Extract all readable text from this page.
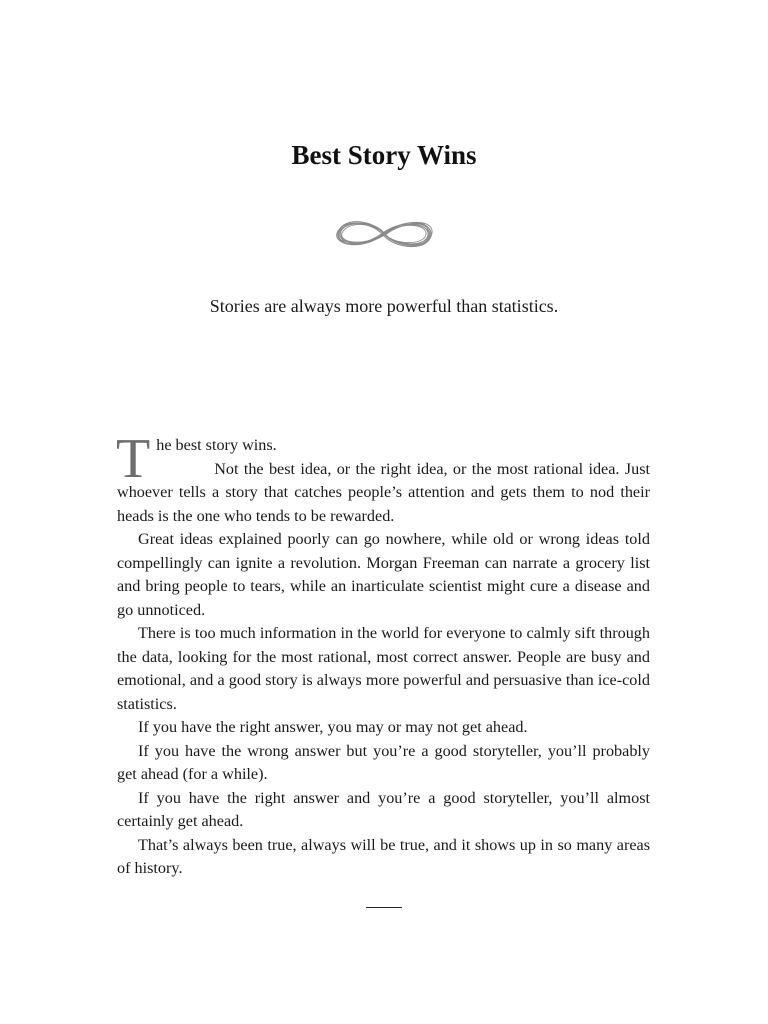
Best Story Wins

Stories are always more powerful than statistics.

The best story wins.

Not the best idea, or the right idea, or the most rational idea. Just whoever tells a story that catches people’s attention and gets them to nod their heads is the one who tends to be rewarded.

Great ideas explained poorly can go nowhere, while old or wrong ideas told compellingly can ignite a revolution. Morgan Freeman can narrate a grocery list and bring people to tears, while an inarticulate scientist might cure a disease and go unnoticed.

There is too much information in the world for everyone to calmly sift through the data, looking for the most rational, most correct answer. People are busy and emotional, and a good story is always more powerful and persuasive than ice-cold statistics.

If you have the right answer, you may or may not get ahead.

If you have the wrong answer but you’re a good storyteller, you’ll probably get ahead (for a while).

If you have the right answer and you’re a good storyteller, you’ll almost certainly get ahead.

That’s always been true, always will be true, and it shows up in so many areas of history.
